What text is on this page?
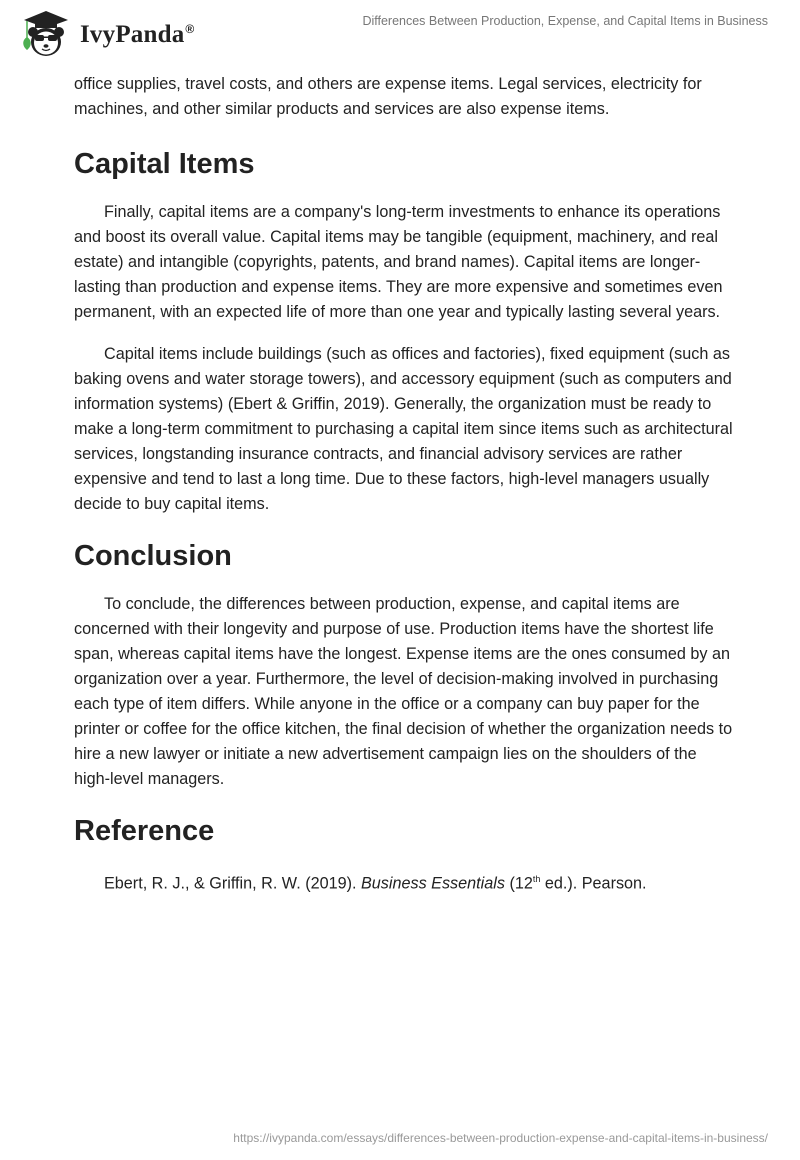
IvyPanda®
Differences Between Production, Expense, and Capital Items in Business

office supplies, travel costs, and others are expense items. Legal services, electricity for machines, and other similar products and services are also expense items.

Capital Items

Finally, capital items are a company's long-term investments to enhance its operations and boost its overall value. Capital items may be tangible (equipment, machinery, and real estate) and intangible (copyrights, patents, and brand names). Capital items are longer-lasting than production and expense items. They are more expensive and sometimes even permanent, with an expected life of more than one year and typically lasting several years.

Capital items include buildings (such as offices and factories), fixed equipment (such as baking ovens and water storage towers), and accessory equipment (such as computers and information systems) (Ebert & Griffin, 2019). Generally, the organization must be ready to make a long-term commitment to purchasing a capital item since items such as architectural services, longstanding insurance contracts, and financial advisory services are rather expensive and tend to last a long time. Due to these factors, high-level managers usually decide to buy capital items.

Conclusion

To conclude, the differences between production, expense, and capital items are concerned with their longevity and purpose of use. Production items have the shortest life span, whereas capital items have the longest. Expense items are the ones consumed by an organization over a year. Furthermore, the level of decision-making involved in purchasing each type of item differs. While anyone in the office or a company can buy paper for the printer or coffee for the office kitchen, the final decision of whether the organization needs to hire a new lawyer or initiate a new advertisement campaign lies on the shoulders of the high-level managers.

Reference

Ebert, R. J., & Griffin, R. W. (2019). Business Essentials (12th ed.). Pearson.

https://ivypanda.com/essays/differences-between-production-expense-and-capital-items-in-business/
